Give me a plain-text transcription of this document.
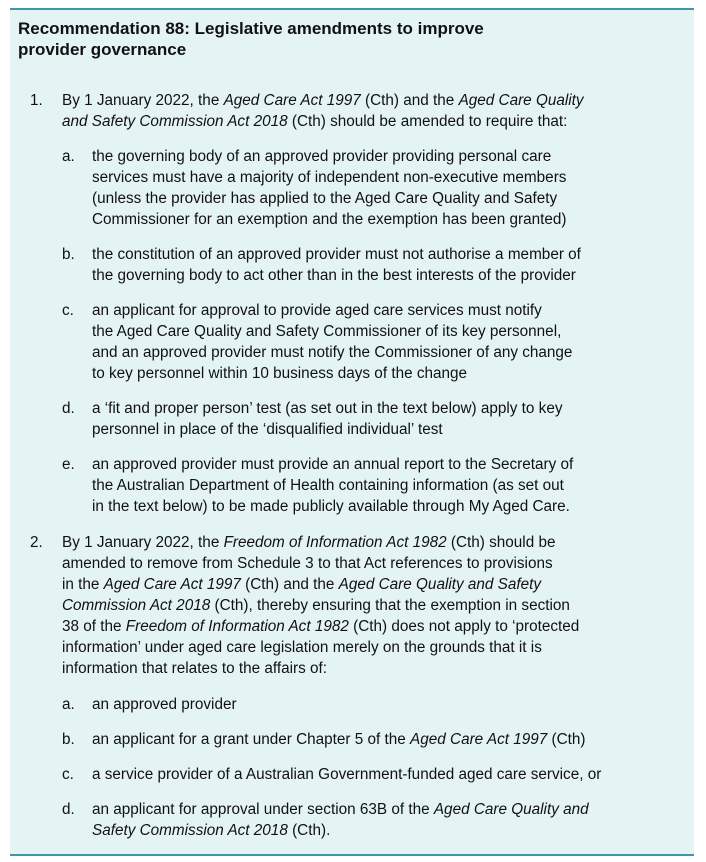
Recommendation 88: Legislative amendments to improve
provider governance
1. By 1 January 2022, the Aged Care Act 1997 (Cth) and the Aged Care Quality
and Safety Commission Act 2018 (Cth) should be amended to require that:
a. the governing body of an approved provider providing personal care
services must have a majority of independent non-executive members
(unless the provider has applied to the Aged Care Quality and Safety
Commissioner for an exemption and the exemption has been granted)
b. the constitution of an approved provider must not authorise a member of
the governing body to act other than in the best interests of the provider
c. an applicant for approval to provide aged care services must notify
the Aged Care Quality and Safety Commissioner of its key personnel,
and an approved provider must notify the Commissioner of any change
to key personnel within 10 business days of the change
d. a ‘fit and proper person’ test (as set out in the text below) apply to key
personnel in place of the ‘disqualified individual’ test
e. an approved provider must provide an annual report to the Secretary of
the Australian Department of Health containing information (as set out
in the text below) to be made publicly available through My Aged Care.
2. By 1 January 2022, the Freedom of Information Act 1982 (Cth) should be
amended to remove from Schedule 3 to that Act references to provisions
in the Aged Care Act 1997 (Cth) and the Aged Care Quality and Safety
Commission Act 2018 (Cth), thereby ensuring that the exemption in section
38 of the Freedom of Information Act 1982 (Cth) does not apply to ‘protected
information’ under aged care legislation merely on the grounds that it is
information that relates to the affairs of:
a. an approved provider
b. an applicant for a grant under Chapter 5 of the Aged Care Act 1997 (Cth)
c. a service provider of a Australian Government-funded aged care service, or
d. an applicant for approval under section 63B of the Aged Care Quality and
Safety Commission Act 2018 (Cth).
